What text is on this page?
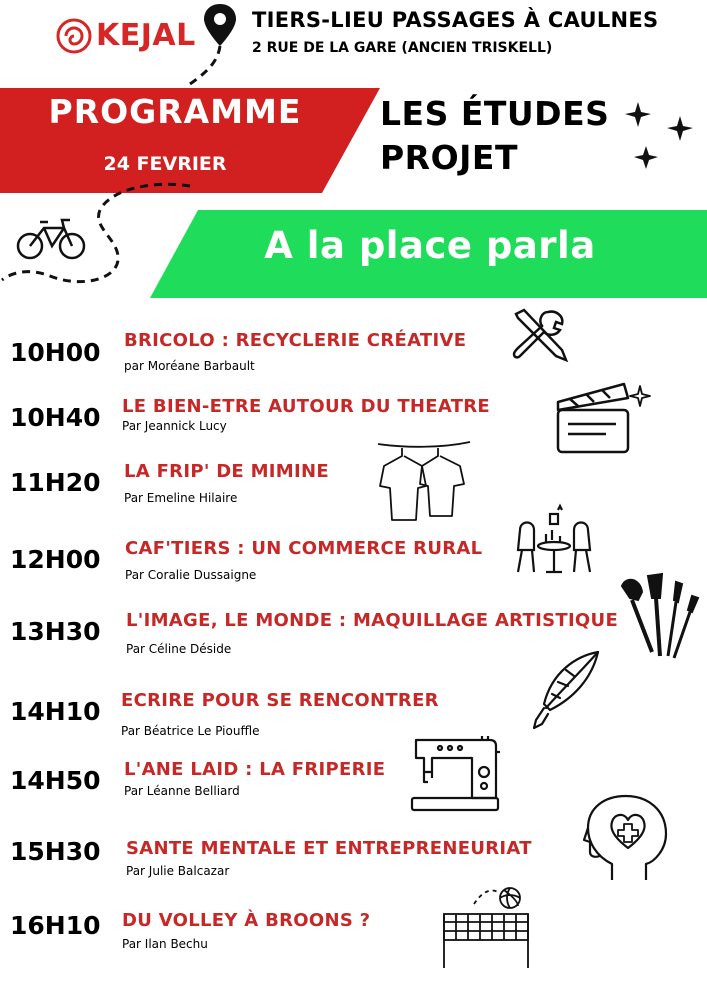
KEJAL	TIERS-LIEU PASSAGES À CAULNES
2 RUE DE LA GARE (ANCIEN TRISKELL)
PROGRAMME
24 FEVRIER
LES ÉTUDES
PROJET
A la place parla
10H00 BRICOLO : RECYCLERIE CRÉATIVE
par Moréane Barbault
10H40 LE BIEN-ETRE AUTOUR DU THEATRE
Par Jeannick Lucy
11H20 LA FRIP' DE MIMINE
Par Emeline Hilaire
12H00 CAF'TIERS : UN COMMERCE RURAL
Par Coralie Dussaigne
13H30 L'IMAGE, LE MONDE : MAQUILLAGE ARTISTIQUE
Par Céline Déside
14H10 ECRIRE POUR SE RENCONTRER
Par Béatrice Le Piouffle
14H50 L'ANE LAID : LA FRIPERIE
Par Léanne Belliard
15H30 SANTE MENTALE ET ENTREPRENEURIAT
Par Julie Balcazar
16H10 DU VOLLEY À BROONS ?
Par Ilan Bechu
